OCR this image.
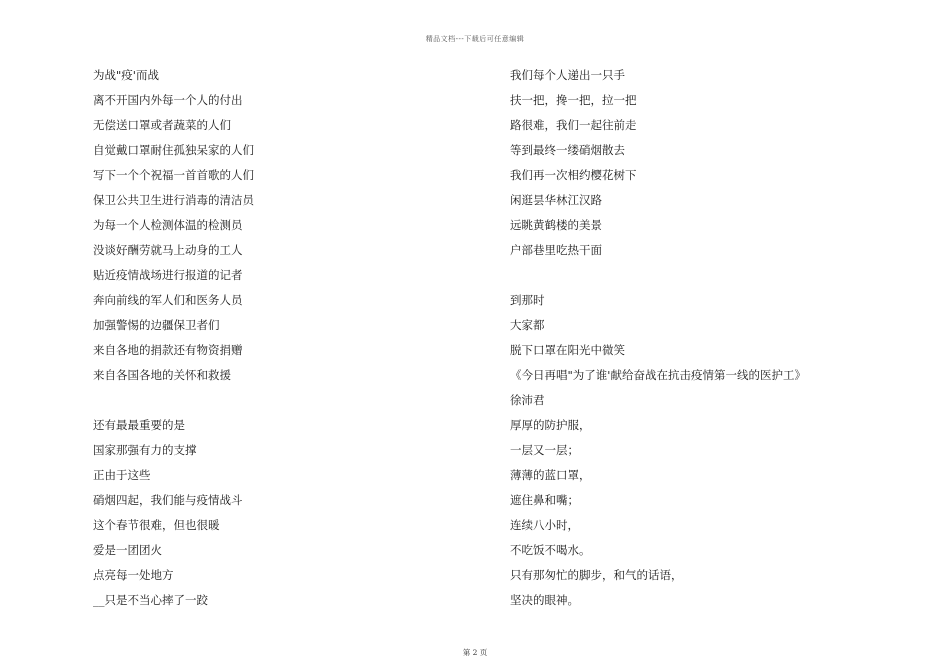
精品文档---下载后可任意编辑
为战"疫'而战
离不开国内外每一个人的付出
无偿送口罩或者蔬菜的人们
自觉戴口罩耐住孤独呆家的人们
写下一个个祝福一首首歌的人们
保卫公共卫生进行消毒的清洁员
为每一个人检测体温的检测员
没谈好酬劳就马上动身的工人
贴近疫情战场进行报道的记者
奔向前线的军人们和医务人员
加强警惕的边疆保卫者们
来自各地的捐款还有物资捐赠
来自各国各地的关怀和救援
还有最最重要的是
国家那强有力的支撑
正由于这些
硝烟四起，我们能与疫情战斗
这个春节很难，但也很暖
爱是一团团火
点亮每一处地方
__只是不当心摔了一跤
我们每个人递出一只手
扶一把，搀一把，拉一把
路很难，我们一起往前走
等到最终一缕硝烟散去
我们再一次相约樱花树下
闲逛昙华林江汉路
远眺黄鹤楼的美景
户部巷里吃热干面
到那时
大家都
脱下口罩在阳光中微笑
《今日再唱"为了谁'献给奋战在抗击疫情第一线的医护工》
徐沛君
厚厚的防护服，
一层又一层；
薄薄的蓝口罩，
遮住鼻和嘴；
连续八小时，
不吃饭不喝水。
只有那匆忙的脚步，和气的话语，
坚决的眼神。
第 2 页
